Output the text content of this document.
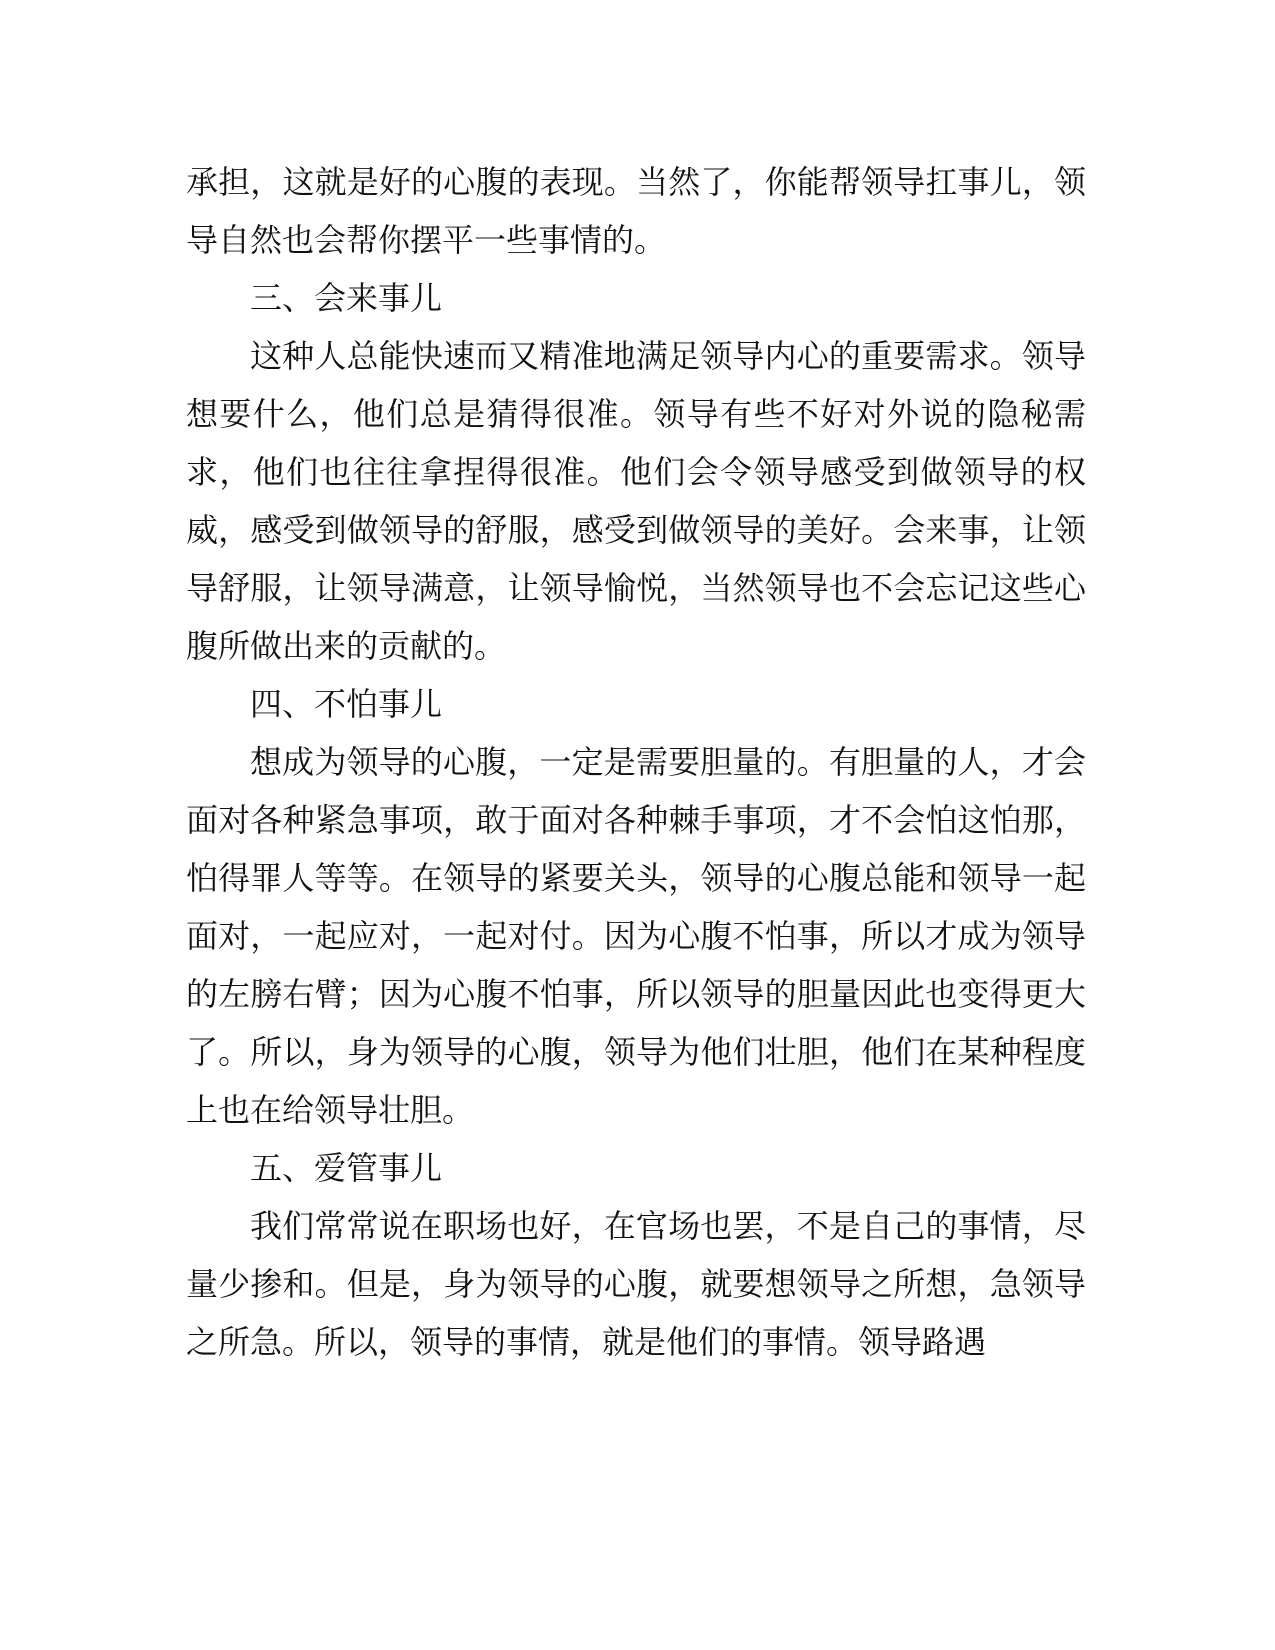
承担，这就是好的心腹的表现。当然了，你能帮领导扛事儿，领导自然也会帮你摆平一些事情的。

三、会来事儿

这种人总能快速而又精准地满足领导内心的重要需求。领导想要什么，他们总是猜得很准。领导有些不好对外说的隐秘需求，他们也往往拿捏得很准。他们会令领导感受到做领导的权威，感受到做领导的舒服，感受到做领导的美好。会来事，让领导舒服，让领导满意，让领导愉悦，当然领导也不会忘记这些心腹所做出来的贡献的。

四、不怕事儿

想成为领导的心腹，一定是需要胆量的。有胆量的人，才会面对各种紧急事项，敢于面对各种棘手事项，才不会怕这怕那，怕得罪人等等。在领导的紧要关头，领导的心腹总能和领导一起面对，一起应对，一起对付。因为心腹不怕事，所以才成为领导的左膀右臂；因为心腹不怕事，所以领导的胆量因此也变得更大了。所以，身为领导的心腹，领导为他们壮胆，他们在某种程度上也在给领导壮胆。

五、爱管事儿

我们常常说在职场也好，在官场也罢，不是自己的事情，尽量少掺和。但是，身为领导的心腹，就要想领导之所想，急领导之所急。所以，领导的事情，就是他们的事情。领导路遇
